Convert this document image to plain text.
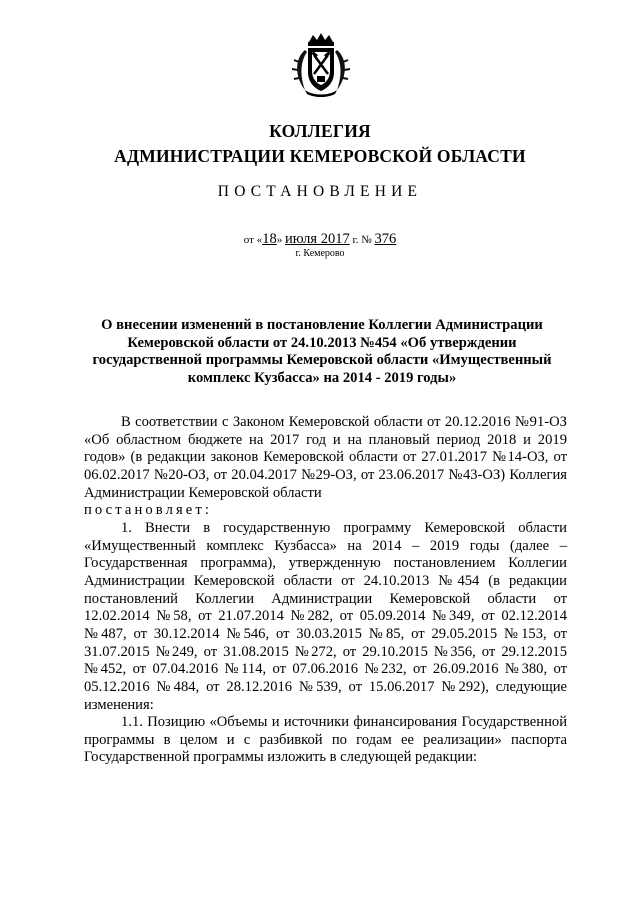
КОЛЛЕГИЯ
АДМИНИСТРАЦИИ КЕМЕРОВСКОЙ ОБЛАСТИ
ПОСТАНОВЛЕНИЕ
от «18» июля 2017 г. № 376
г. Кемерово
О внесении изменений в постановление Коллегии Администрации
Кемеровской области от 24.10.2013 №454 «Об утверждении
государственной программы Кемеровской области «Имущественный
комплекс Кузбасса» на 2014 - 2019 годы»

В соответствии с Законом Кемеровской области от 20.12.2016 №91-ОЗ «Об областном бюджете на 2017 год и на плановый период 2018 и 2019 годов» (в редакции законов Кемеровской области от 27.01.2017 №14-ОЗ, от 06.02.2017 №20-ОЗ, от 20.04.2017 №29-ОЗ, от 23.06.2017 №43-ОЗ) Коллегия Администрации Кемеровской области

постановляет:

1. Внести в государственную программу Кемеровской области «Имущественный комплекс Кузбасса» на 2014 – 2019 годы (далее – Государственная программа), утвержденную постановлением Коллегии Администрации Кемеровской области от 24.10.2013 №454 (в редакции постановлений Коллегии Администрации Кемеровской области от 12.02.2014 №58, от 21.07.2014 №282, от 05.09.2014 №349, от 02.12.2014 №487, от 30.12.2014 №546, от 30.03.2015 №85, от 29.05.2015 №153, от 31.07.2015 №249, от 31.08.2015 №272, от 29.10.2015 №356, от 29.12.2015 №452, от 07.04.2016 №114, от 07.06.2016 №232, от 26.09.2016 №380, от 05.12.2016 №484, от 28.12.2016 №539, от 15.06.2017 №292), следующие изменения:

1.1. Позицию «Объемы и источники финансирования Государственной программы в целом и с разбивкой по годам ее реализации» паспорта Государственной программы изложить в следующей редакции:
